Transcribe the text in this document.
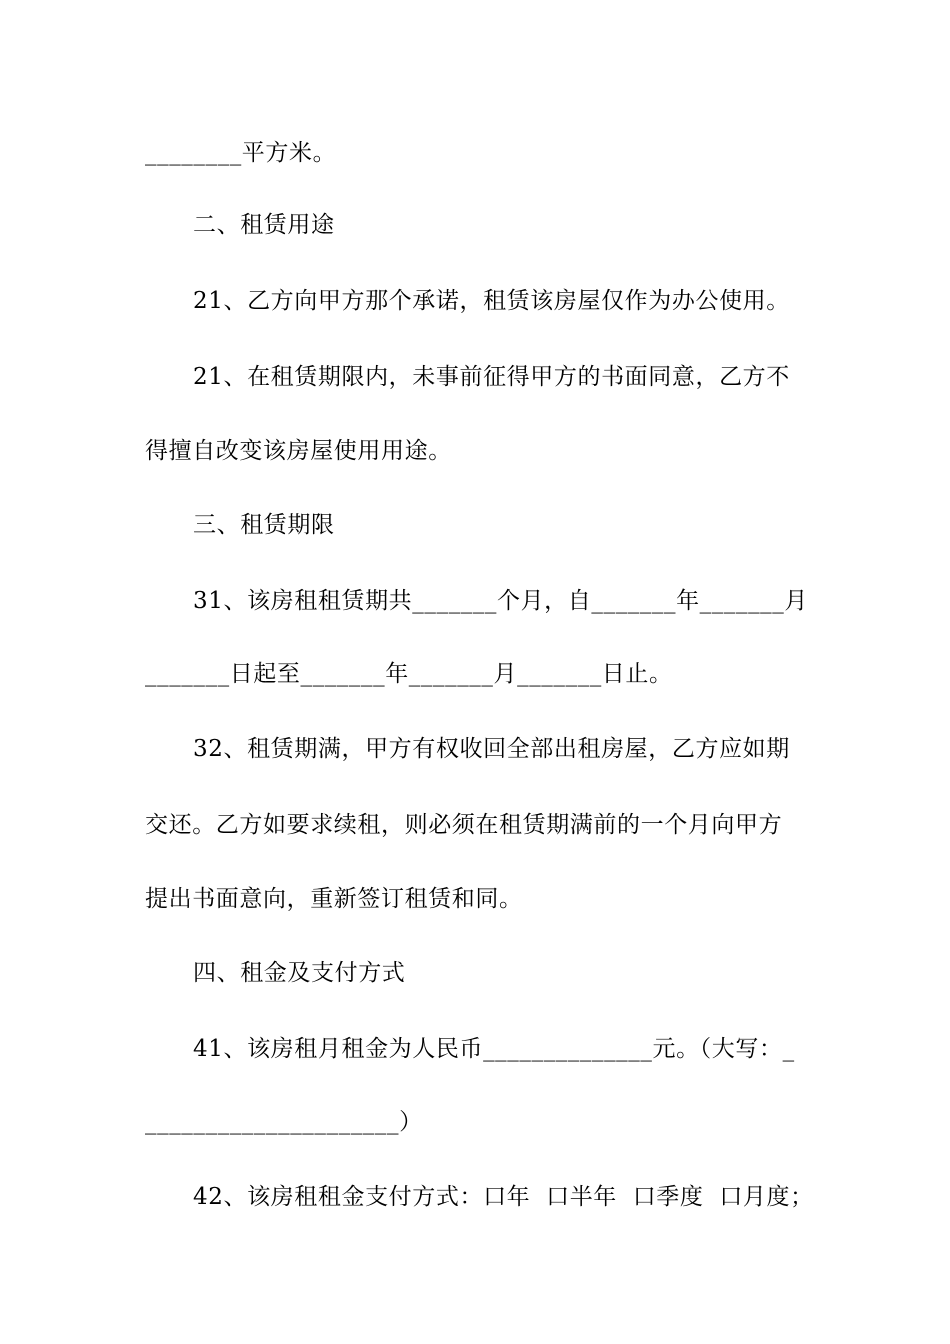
________平方米。
二、租赁用途
21、乙方向甲方那个承诺，租赁该房屋仅作为办公使用。
21、在租赁期限内，未事前征得甲方的书面同意，乙方不
得擅自改变该房屋使用用途。
三、租赁期限
31、该房租租赁期共_______个月，自_______年_______月
_______日起至_______年_______月_______日止。
32、租赁期满，甲方有权收回全部出租房屋，乙方应如期
交还。乙方如要求续租，则必须在租赁期满前的一个月向甲方
提出书面意向，重新签订租赁和同。
四、租金及支付方式
41、该房租月租金为人民币______________元。（大写：_
_____________________）
42、该房租租金支付方式：口年  口半年  口季度  口月度；
